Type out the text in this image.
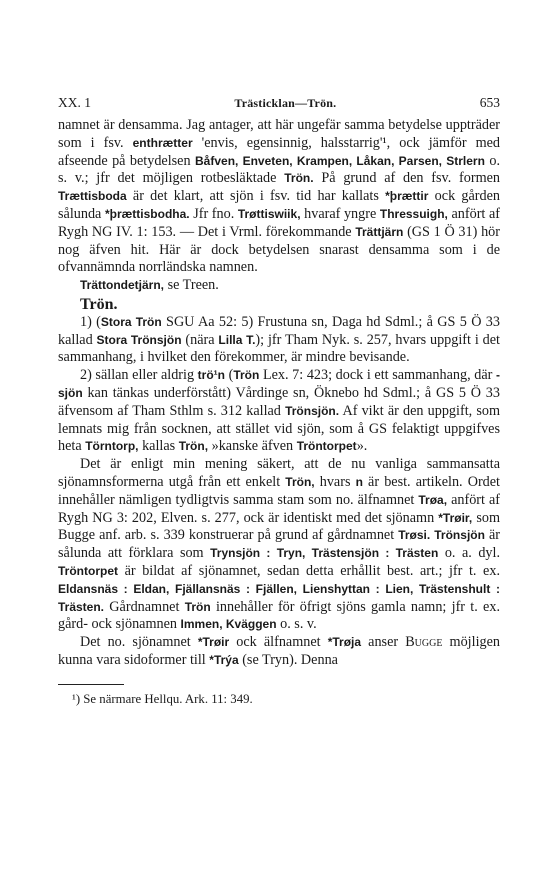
XX. 1	Trästicklan—Trön.	653

namnet är densamma. Jag antager, att här ungefär samma betydelse uppträder som i fsv. enthrætter 'envis, egensinnig, halsstarrig'¹, ock jämför med afseende på betydelsen Båfven, Enveten, Krampen, Låkan, Parsen, Strlern o. s. v.; jfr det möjligen rotbesläktade Trön. På grund af den fsv. formen Trættisboda är det klart, att sjön i fsv. tid har kallats *þrættir ock gården sålunda *þrættisbodha. Jfr fno. Trøttiswiik, hvaraf yngre Thressuigh, anfört af Rygh NG IV. 1: 153. — Det i Vrml. förekommande Trättjärn (GS 1 Ö 31) hör nog äfven hit. Här är dock betydelsen snarast densamma som i de ofvannämnda norrländska namnen.

Trättondetjärn, se Treen.

Trön.

1) (Stora Trön SGU Aa 52: 5) Frustuna sn, Daga hd Sdml.; å GS 5 Ö 33 kallad Stora Trönsjön (nära Lilla T.); jfr Tham Nyk. s. 257, hvars uppgift i det sammanhang, i hvilket den förekommer, är mindre bevisande.

2) sällan eller aldrig trö¹n (Trön Lex. 7: 423; dock i ett sammanhang, där -sjön kan tänkas underförstått) Vårdinge sn, Öknebo hd Sdml.; å GS 5 Ö 33 äfvensom af Tham Sthlm s. 312 kallad Trönsjön. Af vikt är den uppgift, som lemnats mig från socknen, att stället vid sjön, som å GS felaktigt uppgifves heta Törntorp, kallas Trön, »kanske äfven Tröntorpet».

Det är enligt min mening säkert, att de nu vanliga sammansatta sjönamnsformerna utgå från ett enkelt Trön, hvars n är best. artikeln. Ordet innehåller nämligen tydligtvis samma stam som no. älfnamnet Trøa, anfört af Rygh NG 3: 202, Elven. s. 277, ock är identiskt med det sjönamn *Trøir, som Bugge anf. arb. s. 339 konstruerar på grund af gårdnamnet Trøsi. Trönsjön är sålunda att förklara som Trynsjön : Tryn, Trästensjön : Trästen o. a. dyl. Tröntorpet är bildat af sjönamnet, sedan detta erhållit best. art.; jfr t. ex. Eldansnäs : Eldan, Fjällansnäs : Fjällen, Lienshyttan : Lien, Trästenshult : Trästen. Gårdnamnet Trön innehåller för öfrigt sjöns gamla namn; jfr t. ex. gård- ock sjönamnen Immen, Kväggen o. s. v.

Det no. sjönamnet *Trøir ock älfnamnet *Trøja anser Bugge möjligen kunna vara sidoformer till *Trýa (se Tryn). Denna

¹) Se närmare Hellqu. Ark. 11: 349.
